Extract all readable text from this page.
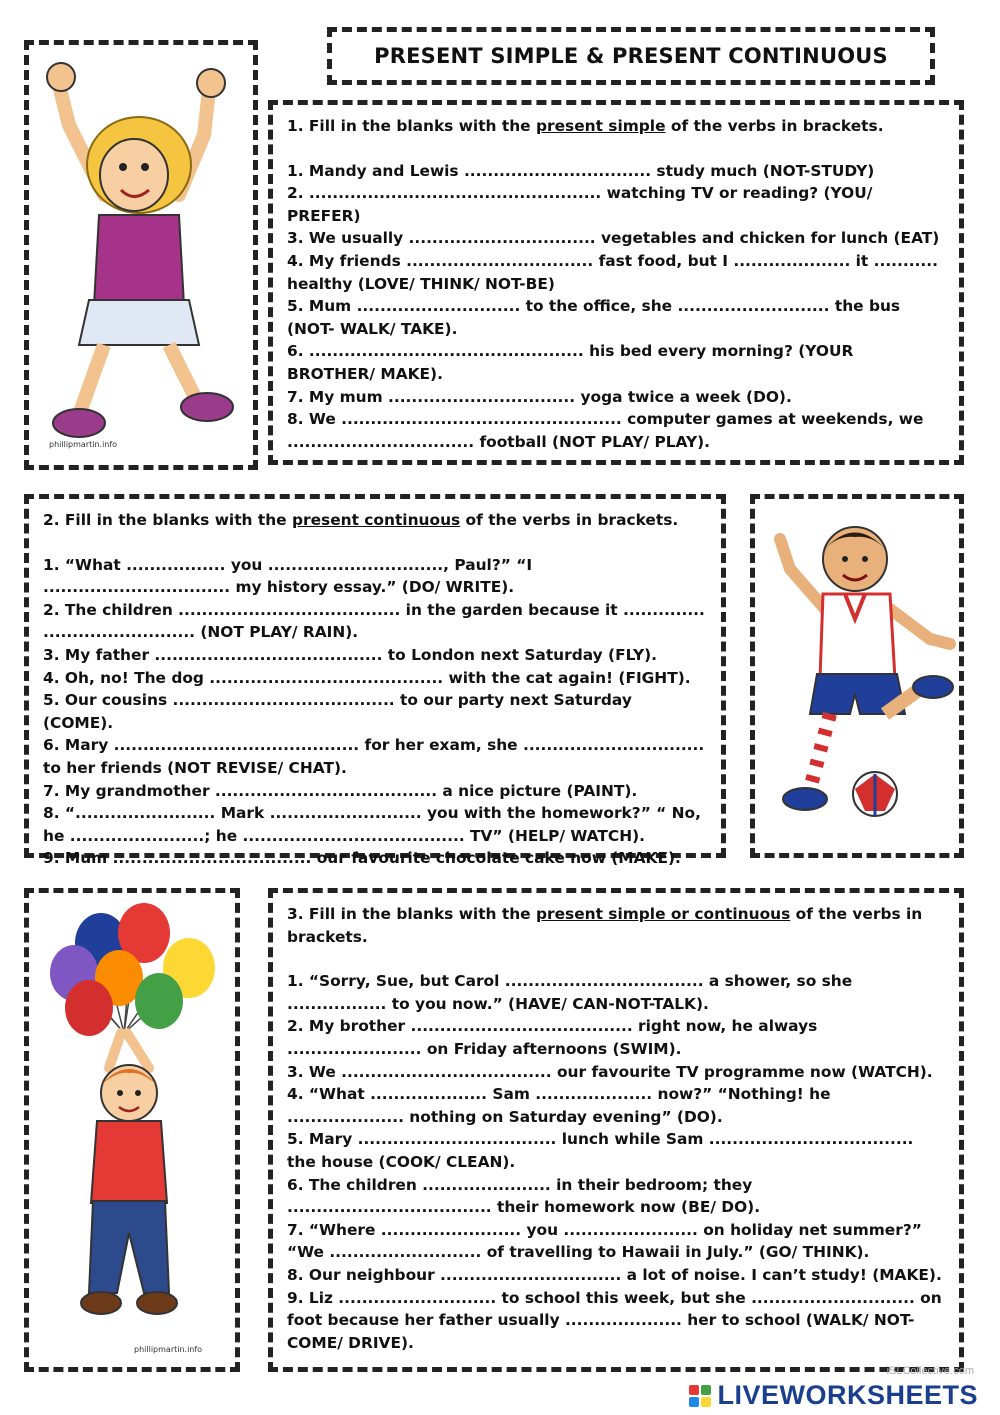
PRESENT SIMPLE & PRESENT CONTINUOUS
phillipmartin.info
1. Fill in the blanks with the present simple of the verbs in brackets.
1. Mandy and Lewis ................................ study much (NOT-STUDY)
2. .................................................. watching TV or reading? (YOU/ PREFER)
3. We usually ................................ vegetables and chicken for lunch (EAT)
4. My friends ................................ fast food, but I .................... it ........... healthy (LOVE/ THINK/ NOT-BE)
5. Mum ............................ to the office, she .......................... the bus (NOT- WALK/ TAKE).
6. ............................................... his bed every morning? (YOUR BROTHER/ MAKE).
7. My mum ................................ yoga twice a week (DO).
8. We ................................................ computer games at weekends, we ................................ football (NOT PLAY/ PLAY).
2. Fill in the blanks with the present continuous of the verbs in brackets.
1. “What ................. you .............................., Paul?” “I ................................ my history essay.” (DO/ WRITE).
2. The children ...................................... in the garden because it .............. .......................... (NOT PLAY/ RAIN).
3. My father ....................................... to London next Saturday (FLY).
4. Oh, no! The dog ........................................ with the cat again! (FIGHT).
5. Our cousins ...................................... to our party next Saturday (COME).
6. Mary .......................................... for her exam, she ............................... to her friends (NOT REVISE/ CHAT).
7. My grandmother ...................................... a nice picture (PAINT).
8. “........................ Mark .......................... you with the homework?” “ No, he .......................; he ...................................... TV” (HELP/ WATCH).
9. Mum .................................. our favourite chocolate cake now (MAKE).
phillipmartin.info
3. Fill in the blanks with the present simple or continuous of the verbs in brackets.
1. “Sorry, Sue, but Carol .................................. a shower, so she ................. to you now.” (HAVE/ CAN-NOT-TALK).
2. My brother ...................................... right now, he always ....................... on Friday afternoons (SWIM).
3. We .................................... our favourite TV programme now (WATCH).
4. “What .................... Sam .................... now?” “Nothing! he .................... nothing on Saturday evening” (DO).
5. Mary .................................. lunch while Sam ................................... the house (COOK/ CLEAN).
6. The children ...................... in their bedroom; they ................................... their homework now (BE/ DO).
7. “Where ........................ you ....................... on holiday net summer?” “We .......................... of travelling to Hawaii in July.” (GO/ THINK).
8. Our neighbour ............................... a lot of noise. I can’t study! (MAKE).
9. Liz ........................... to school this week, but she ............................ on foot because her father usually .................... her to school (WALK/ NOT- COME/ DRIVE).
iSLCollective.com
LIVEWORKSHEETS
